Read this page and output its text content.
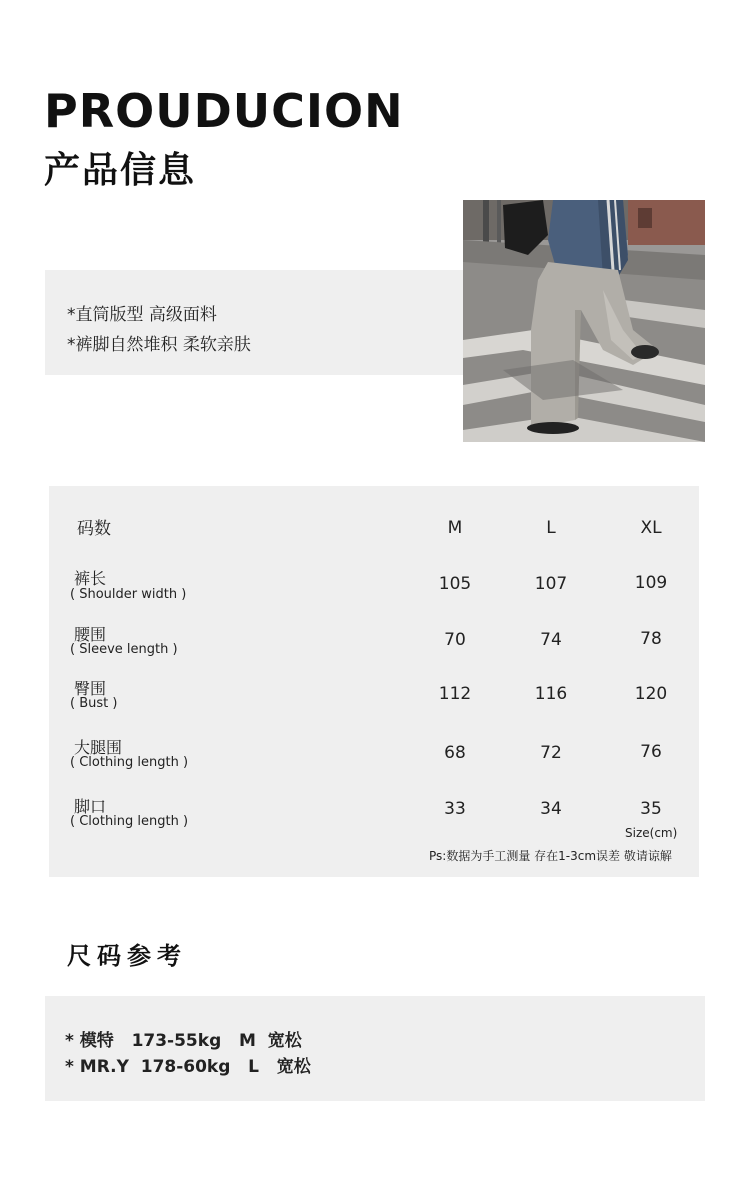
PROUDUCION
产品信息
*直筒版型 高级面料
*裤脚自然堆积 柔软亲肤
码数	M	L	XL
裤长
( Shoulder width )
105	107	109
腰围
( Sleeve length )	70	74	78
臀围
( Bust )	112	116	120
大腿围
( Clothing length )	68	72	76
脚口
( Clothing length )
33	34	35
Size(cm)
Ps:数据为手工测量 存在1-3cm误差 敬请谅解
尺码参考
* 模特   173-55kg   M  宽松
* MR.Y  178-60kg   L   宽松
